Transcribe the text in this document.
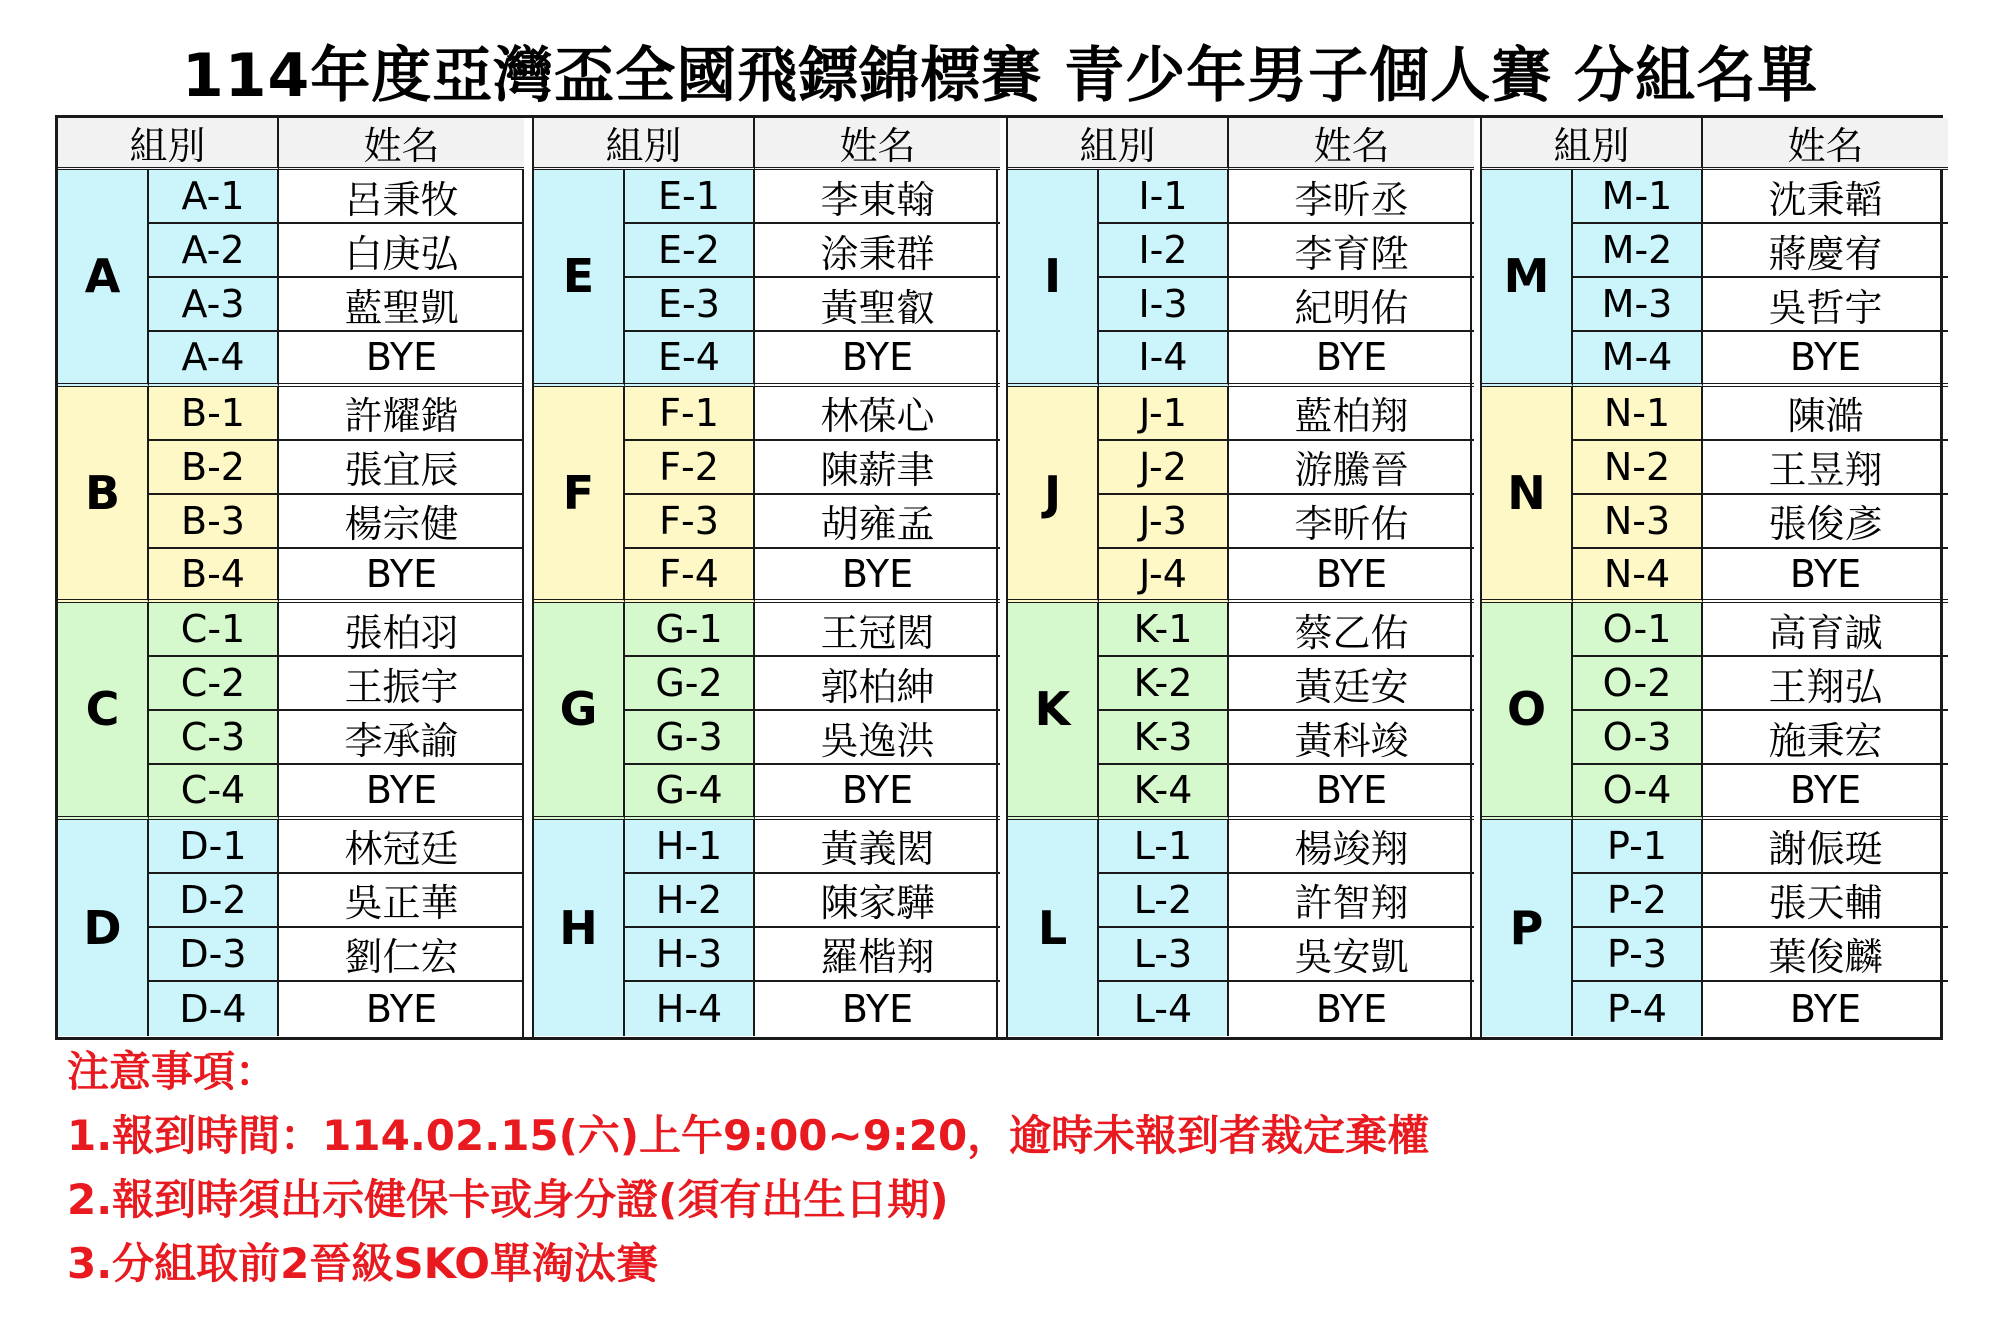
114年度亞灣盃全國飛鏢錦標賽 青少年男子個人賽 分組名單
組別	姓名
A
A-1	呂秉牧
A-2	白庚弘
A-3	藍聖凱
A-4	BYE
B
B-1	許耀鍇
B-2	張宜辰
B-3	楊宗健
B-4	BYE
C
C-1	張柏羽
C-2	王振宇
C-3	李承諭
C-4	BYE
D
D-1	林冠廷
D-2	吳正華
D-3	劉仁宏
D-4	BYE
組別	姓名
E
E-1	李東翰
E-2	涂秉群
E-3	黃聖叡
E-4	BYE
F
F-1	林葆心
F-2	陳薪聿
F-3	胡雍孟
F-4	BYE
G
G-1	王冠閎
G-2	郭柏紳
G-3	吳逸洪
G-4	BYE
H
H-1	黃義閎
H-2	陳家驊
H-3	羅楷翔
H-4	BYE
組別	姓名
I
I-1	李昕丞
I-2	李育陞
I-3	紀明佑
I-4	BYE
J
J-1	藍柏翔
J-2	游騰晉
J-3	李昕佑
J-4	BYE
K
K-1	蔡乙佑
K-2	黃廷安
K-3	黃科竣
K-4	BYE
L
L-1	楊竣翔
L-2	許智翔
L-3	吳安凱
L-4	BYE
組別	姓名
M
M-1	沈秉韜
M-2	蔣慶宥
M-3	吳哲宇
M-4	BYE
N
N-1	陳澔
N-2	王昱翔
N-3	張俊彥
N-4	BYE
O
O-1	高育誠
O-2	王翔弘
O-3	施秉宏
O-4	BYE
P
P-1	謝侲珽
P-2	張天輔
P-3	葉俊麟
P-4	BYE
注意事項：
1.報到時間：114.02.15(六)上午9:00~9:20，逾時未報到者裁定棄權
2.報到時須出示健保卡或身分證(須有出生日期)
3.分組取前2晉級SKO單淘汰賽
